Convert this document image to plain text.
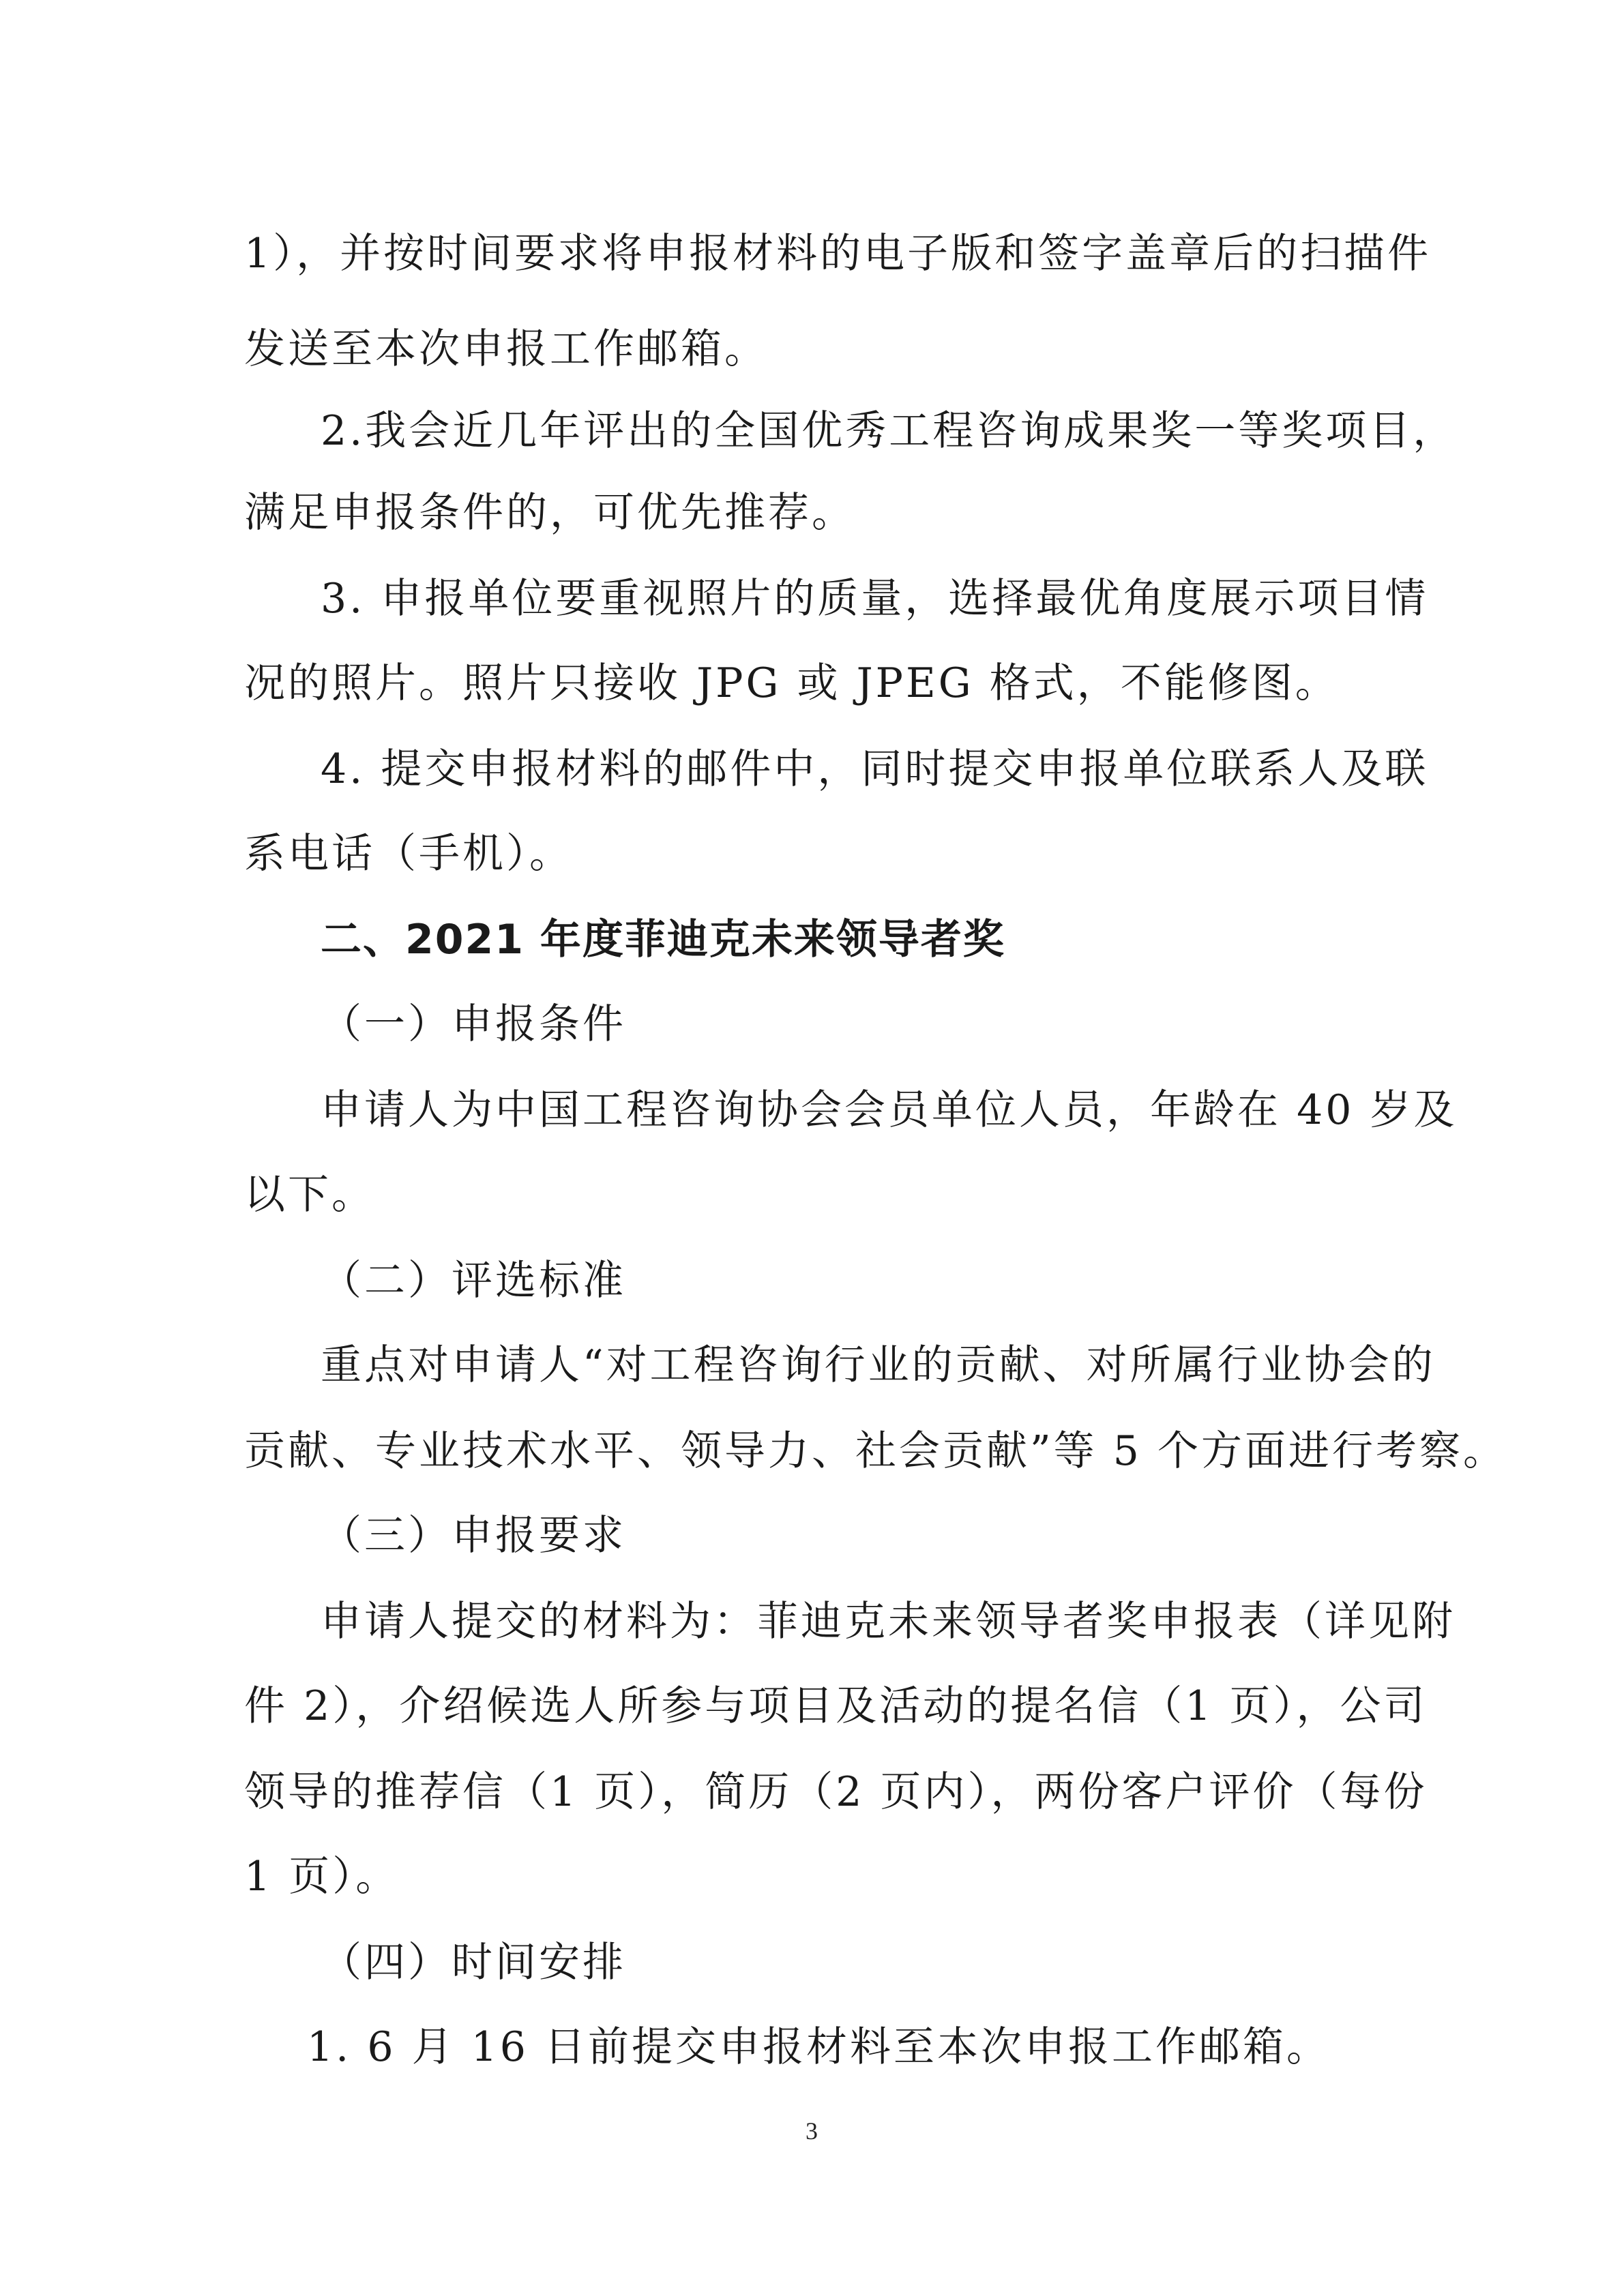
1），并按时间要求将申报材料的电子版和签字盖章后的扫描件
发送至本次申报工作邮箱。
2.我会近几年评出的全国优秀工程咨询成果奖一等奖项目，
满足申报条件的，可优先推荐。
3. 申报单位要重视照片的质量，选择最优角度展示项目情
况的照片。照片只接收 JPG 或 JPEG 格式，不能修图。
4. 提交申报材料的邮件中，同时提交申报单位联系人及联
系电话（手机）。
二、2021 年度菲迪克未来领导者奖
（一）申报条件
申请人为中国工程咨询协会会员单位人员，年龄在 40 岁及
以下。
（二）评选标准
重点对申请人“对工程咨询行业的贡献、对所属行业协会的
贡献、专业技术水平、领导力、社会贡献”等 5 个方面进行考察。
（三）申报要求
申请人提交的材料为：菲迪克未来领导者奖申报表（详见附
件 2），介绍候选人所参与项目及活动的提名信（1 页），公司
领导的推荐信（1 页），简历（2 页内），两份客户评价（每份
1 页）。
（四）时间安排
1. 6 月 16 日前提交申报材料至本次申报工作邮箱。
3
